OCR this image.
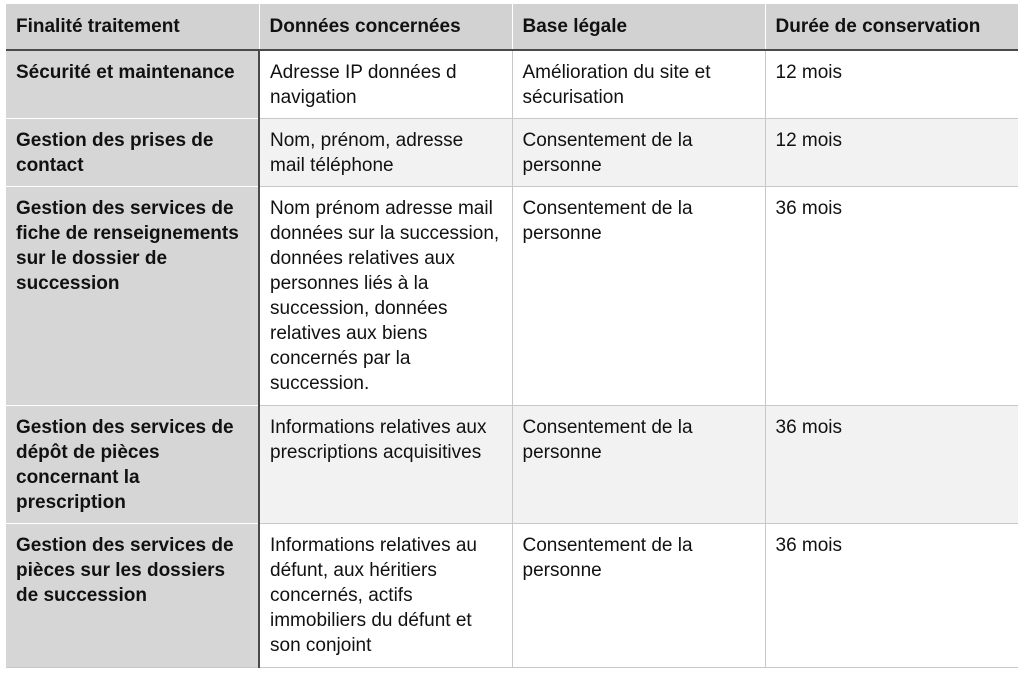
Finalité traitement	Données concernées	Base légale	Durée de conservation
Sécurité et maintenance	Adresse IP données d navigation	Amélioration du site et sécurisation	12 mois
Gestion des prises de contact	Nom, prénom, adresse mail téléphone	Consentement de la personne	12 mois
Gestion des services de fiche de renseignements sur le dossier de succession	Nom prénom adresse mail données sur la succession, données relatives aux personnes liés à la succession, données relatives aux biens concernés par la succession.	Consentement de la personne	36 mois
Gestion des services de dépôt de pièces concernant la prescription	Informations relatives aux prescriptions acquisitives	Consentement de la personne	36 mois
Gestion des services de pièces sur les dossiers de succession	Informations relatives au défunt, aux héritiers concernés, actifs immobiliers du défunt et son conjoint	Consentement de la personne	36 mois
